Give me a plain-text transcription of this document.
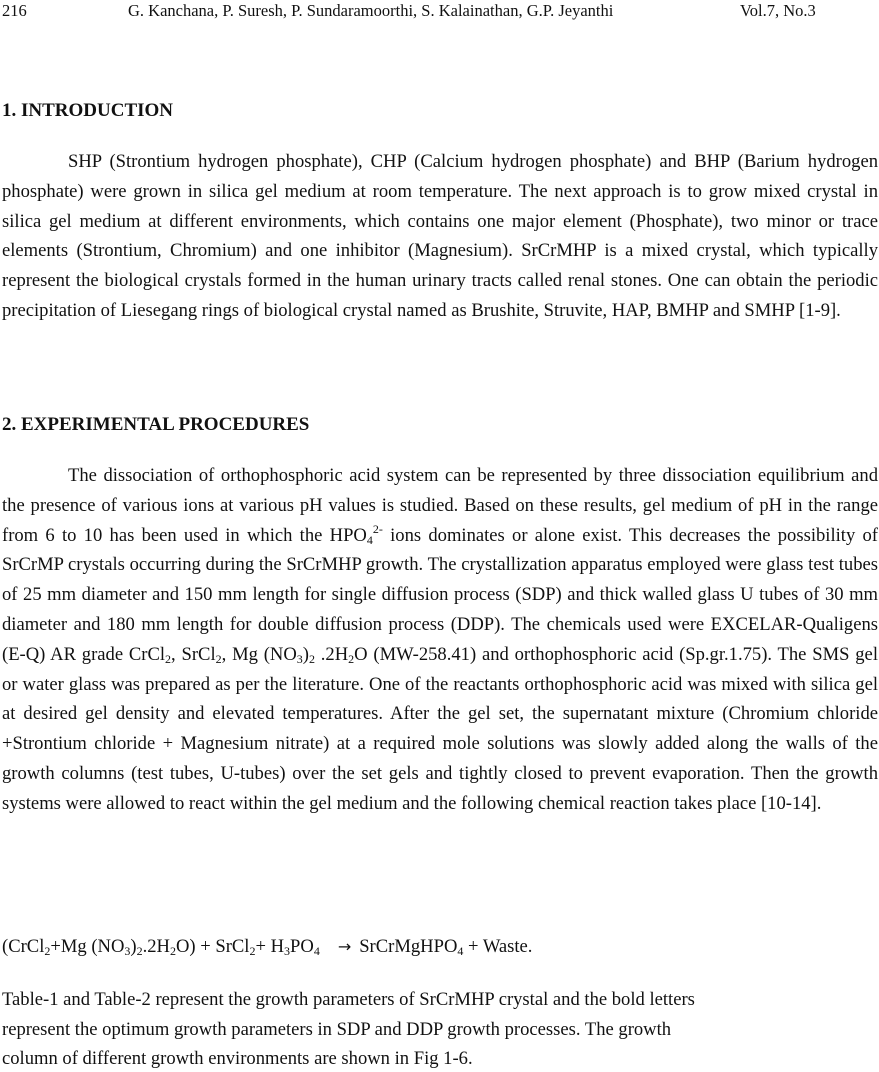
216	G. Kanchana, P. Suresh, P. Sundaramoorthi, S. Kalainathan, G.P. Jeyanthi	Vol.7, No.3
1. INTRODUCTION
SHP (Strontium hydrogen phosphate), CHP (Calcium hydrogen phosphate) and BHP (Barium hydrogen phosphate) were grown in silica gel medium at room temperature. The next approach is to grow mixed crystal in silica gel medium at different environments, which contains one major element (Phosphate), two minor or trace elements (Strontium, Chromium) and one inhibitor (Magnesium). SrCrMHP is a mixed crystal, which typically represent the biological crystals formed in the human urinary tracts called renal stones. One can obtain the periodic precipitation of Liesegang rings of biological crystal named as Brushite, Struvite, HAP, BMHP and SMHP [1-9].
2. EXPERIMENTAL PROCEDURES
The dissociation of orthophosphoric acid system can be represented by three dissociation equilibrium and the presence of various ions at various pH values is studied. Based on these results, gel medium of pH in the range from 6 to 10 has been used in which the $HPO_4^{2-}$ ions dominates or alone exist. This decreases the possibility of SrCrMP crystals occurring during the SrCrMHP growth. The crystallization apparatus employed were glass test tubes of 25 mm diameter and 150 mm length for single diffusion process (SDP) and thick walled glass U tubes of 30 mm diameter and 180 mm length for double diffusion process (DDP). The chemicals used were EXCELAR-Qualigens (E-Q) AR grade CrCl$_2$, SrCl$_2$, Mg $(NO_3)_2$ $.2H_2O$ (MW-258.41) and orthophosphoric acid (Sp.gr.1.75). The SMS gel or water glass was prepared as per the literature. One of the reactants orthophosphoric acid was mixed with silica gel at desired gel density and elevated temperatures. After the gel set, the supernatant mixture (Chromium chloride +Strontium chloride + Magnesium nitrate) at a required mole solutions was slowly added along the walls of the growth columns (test tubes, U-tubes) over the set gels and tightly closed to prevent evaporation. Then the growth systems were allowed to react within the gel medium and the following chemical reaction takes place [10-14].
(CrCl$_2$+Mg $(NO_3)_2.2H_2O$) + SrCl$_2$+ $H_3PO_4$ → SrCrMgHPO$_4$ + Waste.
Table-1 and Table-2 represent the growth parameters of SrCrMHP crystal and the bold letters
represent the optimum growth parameters in SDP and DDP growth processes. The growth
column of different growth environments are shown in Fig 1-6.
